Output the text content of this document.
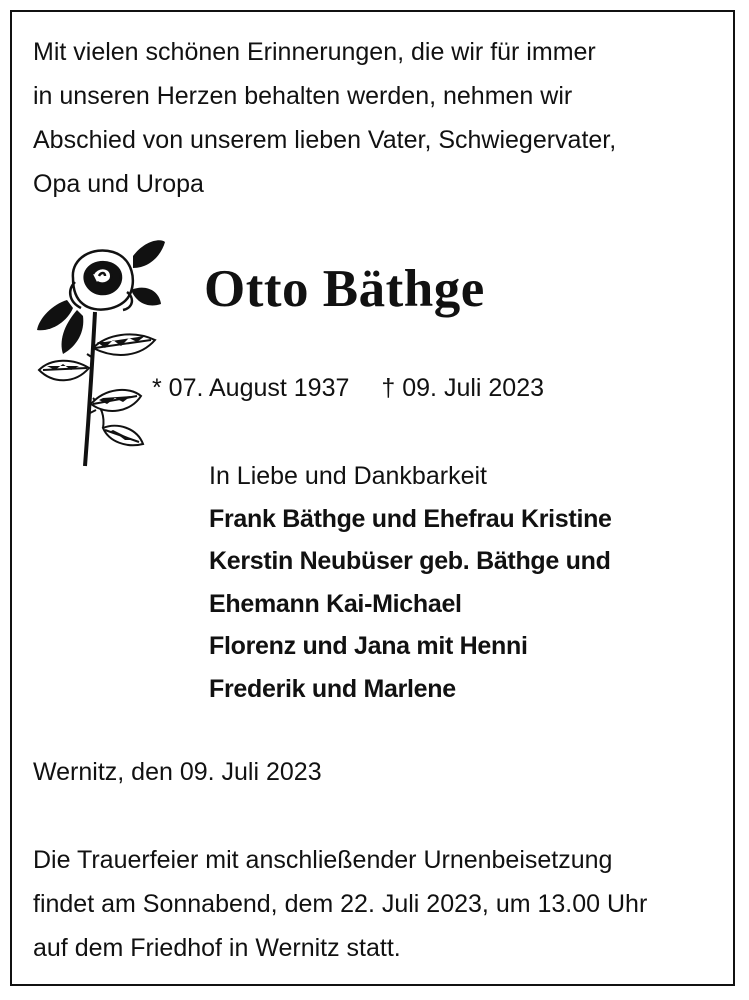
Mit vielen schönen Erinnerungen, die wir für immer
in unseren Herzen behalten werden, nehmen wir
Abschied von unserem lieben Vater, Schwiegervater,
Opa und Uropa

Otto Bäthge
* 07. August 1937 † 09. Juli 2023
In Liebe und Dankbarkeit
Frank Bäthge und Ehefrau Kristine
Kerstin Neubüser geb. Bäthge und
Ehemann Kai-Michael
Florenz und Jana mit Henni
Frederik und Marlene
Wernitz, den 09. Juli 2023

Die Trauerfeier mit anschließender Urnenbeisetzung
findet am Sonnabend, dem 22. Juli 2023, um 13.00 Uhr
auf dem Friedhof in Wernitz statt.
